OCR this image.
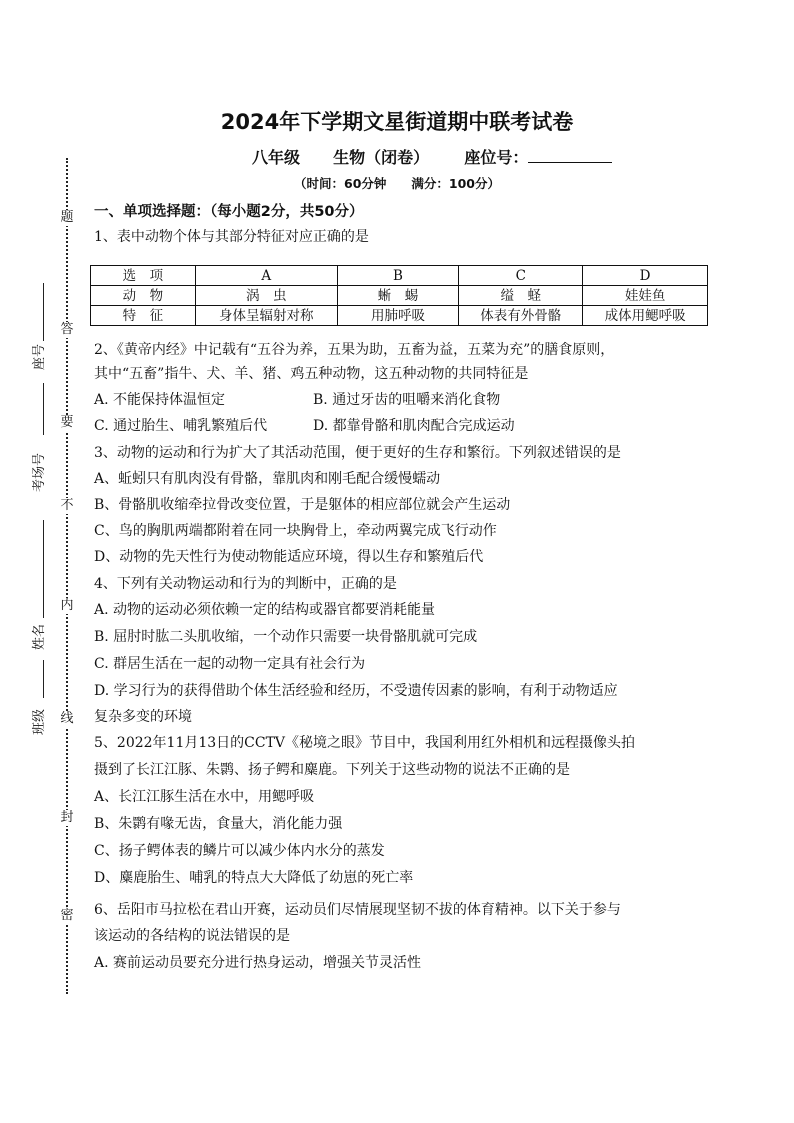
题
答
要
不
内
线
封
密
座号
考场号
姓名
班级
2024年下学期文星街道期中联考试卷
八年级 生物（闭卷） 座位号：
（时间：60分钟　　满分：100分）
一、单项选择题：（每小题2分，共50分）
1、表中动物个体与其部分特征对应正确的是
选　项	A	B	C	D
动　物	涡　虫	蜥　蜴	缢　蛏	娃娃鱼
特　征	身体呈辐射对称	用肺呼吸	体表有外骨骼	成体用鳃呼吸
2、《黄帝内经》中记载有“五谷为养，五果为助，五畜为益，五菜为充”的膳食原则，
其中“五畜”指牛、犬、羊、猪、鸡五种动物，这五种动物的共同特征是
A. 不能保持体温恒定	B. 通过牙齿的咀嚼来消化食物
C. 通过胎生、哺乳繁殖后代	D. 都靠骨骼和肌肉配合完成运动
3、动物的运动和行为扩大了其活动范围，便于更好的生存和繁衍。下列叙述错误的是
A、蚯蚓只有肌肉没有骨骼，靠肌肉和刚毛配合缓慢蠕动
B、骨骼肌收缩牵拉骨改变位置，于是躯体的相应部位就会产生运动
C、鸟的胸肌两端都附着在同一块胸骨上，牵动两翼完成飞行动作
D、动物的先天性行为使动物能适应环境，得以生存和繁殖后代
4、下列有关动物运动和行为的判断中，正确的是
A. 动物的运动必须依赖一定的结构或器官都要消耗能量
B. 屈肘时肱二头肌收缩，一个动作只需要一块骨骼肌就可完成
C. 群居生活在一起的动物一定具有社会行为
D. 学习行为的获得借助个体生活经验和经历，不受遗传因素的影响，有利于动物适应
复杂多变的环境
5、2022年11月13日的CCTV《秘境之眼》节目中，我国利用红外相机和远程摄像头拍
摄到了长江江豚、朱鹮、扬子鳄和麋鹿。下列关于这些动物的说法不正确的是
A、长江江豚生活在水中，用鳃呼吸
B、朱鹮有喙无齿，食量大，消化能力强
C、扬子鳄体表的鳞片可以减少体内水分的蒸发
D、麋鹿胎生、哺乳的特点大大降低了幼崽的死亡率
6、岳阳市马拉松在君山开赛，运动员们尽情展现坚韧不拔的体育精神。以下关于参与
该运动的各结构的说法错误的是
A. 赛前运动员要充分进行热身运动，增强关节灵活性
